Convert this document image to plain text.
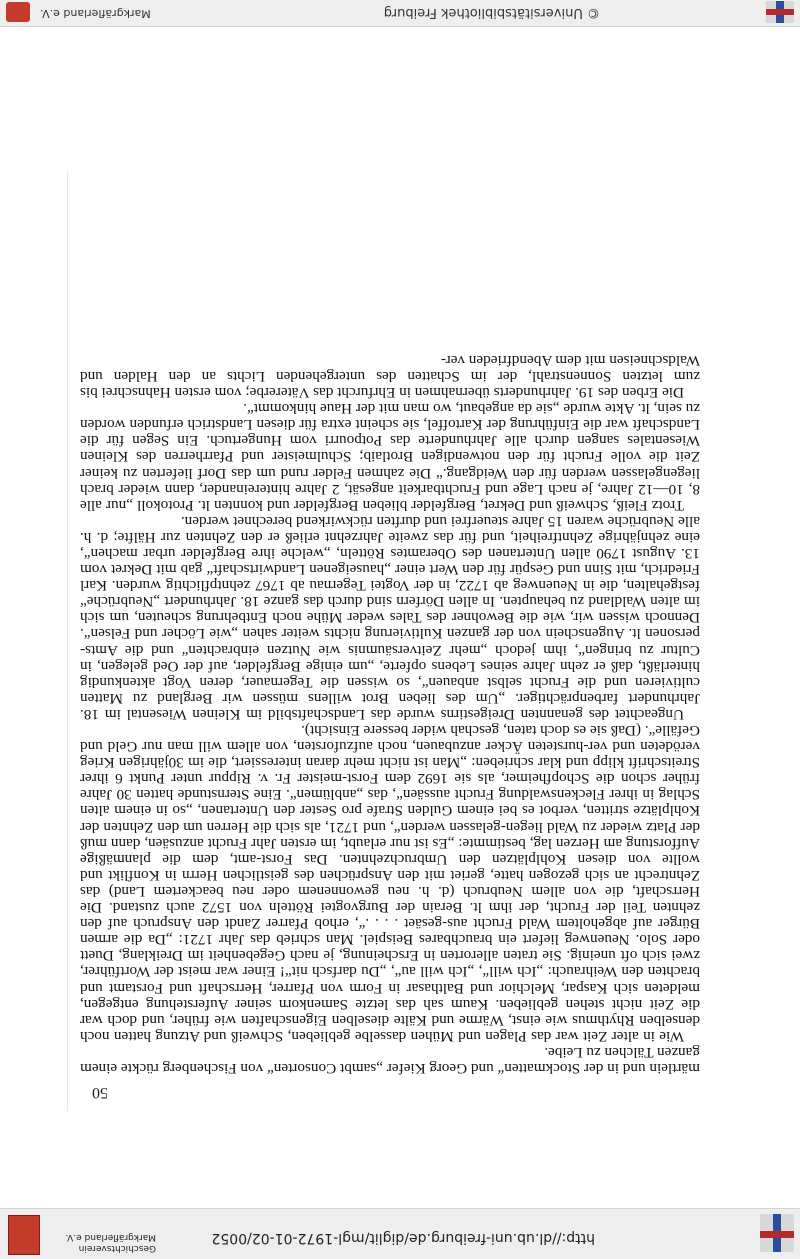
http://dl.ub.uni-freiburg.de/diglit/mgl-1972-01-02/0052
Geschichtsverein Markgräflerland e.V.
50

märtlein und in der Stockmatten“ und Georg Kiefer „sambt Consorten“ von Fischenberg rückte einem ganzen Tälchen zu Leibe.

Wie in alter Zeit war das Plagen und Mühen dasselbe geblieben, Schweiß und Atzung hatten noch denselben Rhythmus wie einst, Wärme und Kälte dieselben Eigenschaften wie früher, und doch war die Zeit nicht stehen geblieben. Kaum sah das letzte Samenkorn seiner Auferstehung entgegen, meldeten sich Kaspar, Melchior und Balthasar in Form von Pfarrer, Herrschaft und Forstamt und brachten den Weihrauch: „Ich will“, „Ich will au“, „Du darfsch nit“! Einer war meist der Wortführer, zwei sich oft uneinig. Sie traten allerorten in Erscheinung, je nach Gegebenheit im Dreiklang, Duett oder Solo. Neuenweg liefert ein brauchbares Beispiel. Man schrieb das Jahr 1721: „Da die armen Bürger auf abgeholtem Wald Frucht aus-gesäet . . . .“, erhob Pfarrer Zandt den Anspruch auf den zehnten Teil der Frucht, der ihm lt. Berain der Burgvogtei Rötteln von 1572 auch zustand. Die Herrschaft, die von allem Neubruch (d. h. neu gewonnenem oder neu beackertem Land) das Zehntrecht an sich gezogen hatte, geriet mit den Ansprüchen des geistlichen Herrn in Konflikt und wollte von diesen Kohlplätzen den Umbruchzehnten. Das Forst-amt, dem die planmäßige Aufforstung am Herzen lag, bestimmte: „Es ist nur erlaubt, im ersten Jahr Frucht anzusäen, dann muß der Platz wieder zu Wald liegen-gelassen werden“, und 1721, als sich die Herren um den Zehnten der Kohlplätze stritten, verbot es bei einem Gulden Strafe pro Sester den Untertanen, „so in einem alten Schlag in ihrer Fleckenswaldung Frucht aussäen“, das „anblümen“. Eine Sternstunde hatten 30 Jahre früher schon die Schopfheimer, als sie 1692 dem Forst-meister Fr. v. Rippur unter Punkt 6 ihrer Streitschrift klipp und klar schrieben: „Man ist nicht mehr daran interessiert, die im 30jährigen Krieg verödeten und ver-hursteten Äcker anzubauen, noch aufzuforsten, von allem will man nur Geld und Gefälle“. (Daß sie es doch taten, geschah wider bessere Einsicht).

Ungeachtet des genannten Dreigestirns wurde das Landschaftsbild im Kleinen Wiesental im 18. Jahrhundert farbenprächtiger. „Um des lieben Brot willens müssen wir Bergland zu Matten cultivieren und die Frucht selbst anbauen“, so wissen die Tegernauer, deren Vogt aktenkundig hinterläßt, daß er zehn Jahre seines Lebens opferte, „um einige Bergfelder, auf der Oed gelegen, in Cultur zu bringen“, ihm jedoch „mehr Zeitversäumnis wie Nutzen einbrachten“ und die Amts-personen lt. Augenschein von der ganzen Kultivierung nichts weiter sahen „wie Löcher und Felsen“. Dennoch wissen wir, wie die Bewohner des Tales weder Mühe noch Entbehrung scheuten, um sich im alten Waldland zu behaupten. In allen Dörfern sind durch das ganze 18. Jahrhundert „Neubrüche“ festgehalten, die in Neuenweg ab 1722, in der Vogtei Tegernau ab 1767 zehntpflichtig wurden. Karl Friedrich, mit Sinn und Gespür für den Wert einer „hauseigenen Landwirtschaft“ gab mit Dekret vom 13. August 1790 allen Untertanen des Oberamtes Rötteln, „welche ihre Bergfelder urbar machen“, eine zehnjährige Zehntfreiheit, und für das zweite Jahrzehnt erließ er den Zehnten zur Hälfte; d. h. alle Neubrüche waren 15 Jahre steuerfrei und durften rückwirkend berechnet werden.

Trotz Fleiß, Schweiß und Dekret, Bergfelder blieben Bergfelder und konnten lt. Protokoll „nur alle 8, 10—12 Jahre, je nach Lage und Fruchtbarkeit angesät, 2 Jahre hintereinander, dann wieder brach liegengelassen werden für den Weidgang.“ Die zahmen Felder rund um das Dorf lieferten zu keiner Zeit die volle Frucht für den notwendigen Brotlaib; Schulmeister und Pfarrherren des Kleinen Wiesentales sangen durch alle Jahrhunderte das Potpourri vom Hungertuch. Ein Segen für die Landschaft war die Einführung der Kartoffel, sie scheint extra für diesen Landstrich erfunden worden zu sein, lt. Akte wurde „sie da angebaut, wo man mit der Haue hinkommt“.

Die Erben des 19. Jahrhunderts übernahmen in Ehrfurcht das Vätererbe; vom ersten Hahnschrei bis zum letzten Sonnenstrahl, der im Schatten des untergehenden Lichts an den Halden und Waldschneisen mit dem Abendfrieden ver-

© Universitätsbibliothek Freiburg
Markgräflerland e.V.
